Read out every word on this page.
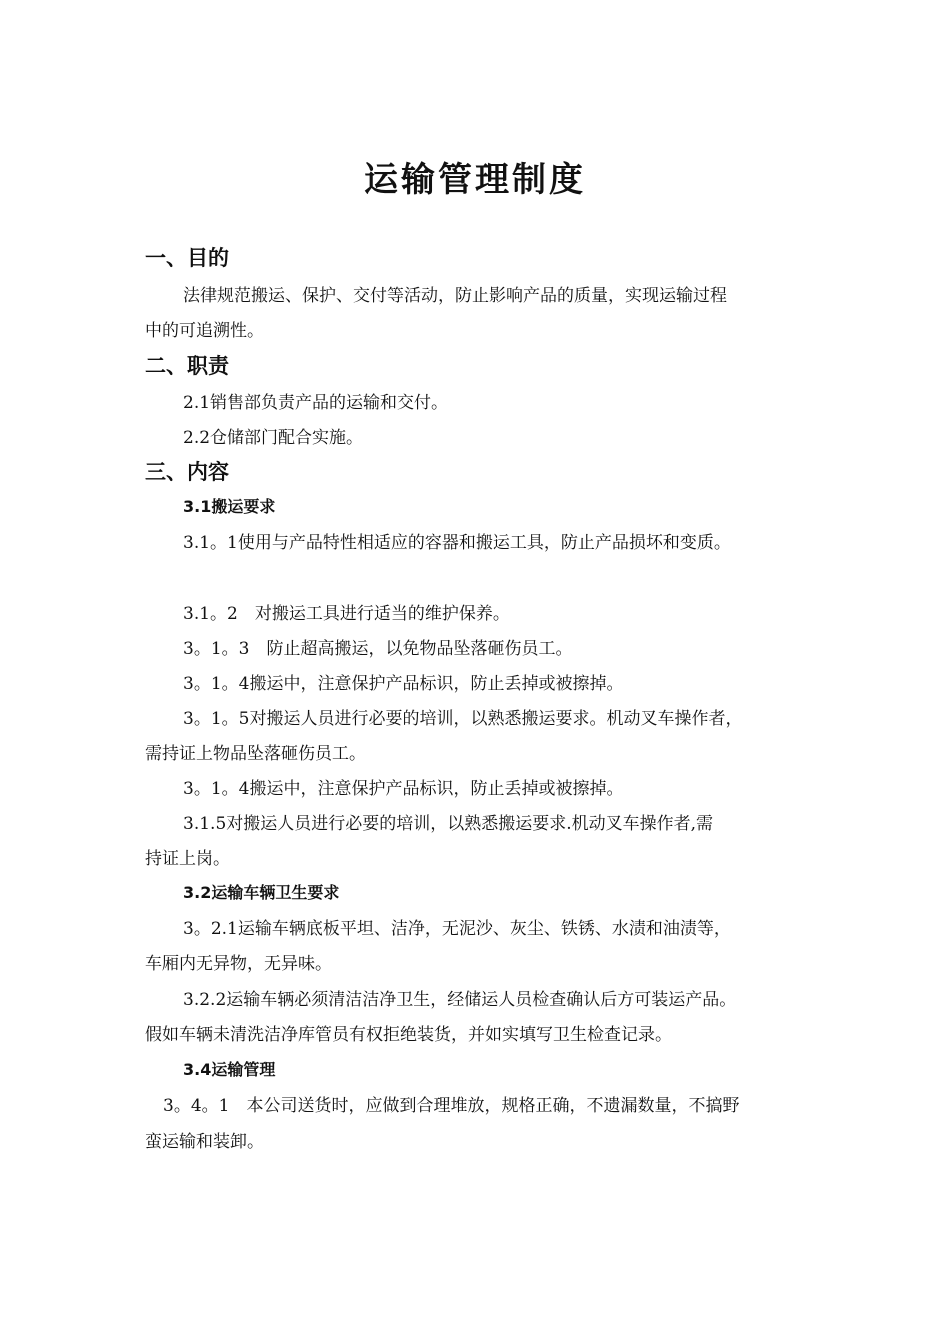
运输管理制度
一、目的
法律规范搬运、保护、交付等活动，防止影响产品的质量，实现运输过程
中的可追溯性。
二、职责
2.1销售部负责产品的运输和交付。
2.2仓储部门配合实施。
三、内容
3.1搬运要求
3.1。1使用与产品特性相适应的容器和搬运工具，防止产品损坏和变质。
3.1。2　对搬运工具进行适当的维护保养。
3。1。3　防止超高搬运，以免物品坠落砸伤员工。
3。1。4搬运中，注意保护产品标识，防止丢掉或被擦掉。
3。1。5对搬运人员进行必要的培训，以熟悉搬运要求。机动叉车操作者，
需持证上物品坠落砸伤员工。
3。1。4搬运中，注意保护产品标识，防止丢掉或被擦掉。
3.1.5对搬运人员进行必要的培训，以熟悉搬运要求.机动叉车操作者,需
持证上岗。
3.2运输车辆卫生要求
3。2.1运输车辆底板平坦、洁净，无泥沙、灰尘、铁锈、水渍和油渍等，
车厢内无异物，无异味。
3.2.2运输车辆必须清洁洁净卫生，经储运人员检查确认后方可装运产品。
假如车辆未清洗洁净库管员有权拒绝装货，并如实填写卫生检查记录。
3.4运输管理
3。4。1　本公司送货时，应做到合理堆放，规格正确，不遗漏数量，不搞野
蛮运输和装卸。
